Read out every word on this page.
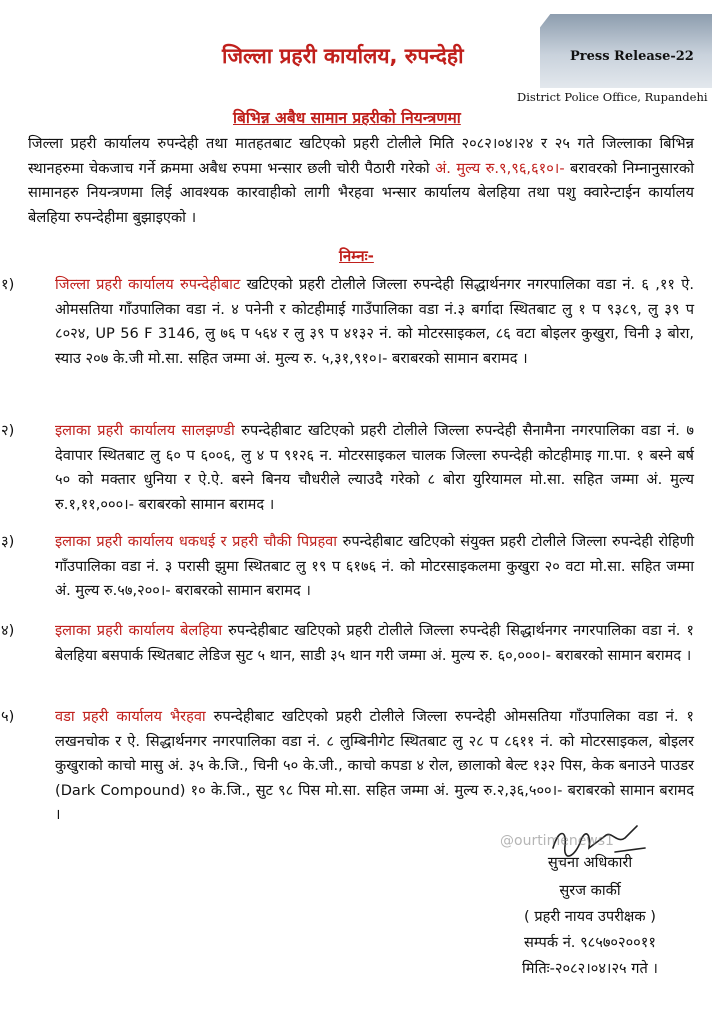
जिल्ला प्रहरी कार्यालय, रुपन्देही	Press Release-22
District Police Office, Rupandehi
बिभिन्न अबैध सामान प्रहरीको नियन्त्रणमा

जिल्ला प्रहरी कार्यालय रुपन्देही तथा मातहतबाट खटिएको प्रहरी टोलीले मिति २०८२।०४।२४ र २५ गते जिल्लाका बिभिन्न स्थानहरुमा चेकजाच गर्ने क्रममा अबैध रुपमा भन्सार छली चोरी पैठारी गरेको अं. मुल्य रु.९,९६,६१०।- बरावरको निम्नानुसारको सामानहरु नियन्त्रणमा लिई आवश्यक कारवाहीको लागी भैरहवा भन्सार कार्यालय बेलहिया तथा पशु क्वारेन्टाईन कार्यालय बेलहिया रुपन्देहीमा बुझाइएको ।

निम्नः-

१)	जिल्ला प्रहरी कार्यालय रुपन्देहीबाट खटिएको प्रहरी टोलीले जिल्ला रुपन्देही सिद्धार्थनगर नगरपालिका वडा नं. ६ ,११ ऐ. ओमसतिया गाँउपालिका वडा नं. ४ पनेनी र कोटहीमाई गाउँपालिका वडा नं.३ बर्गादा स्थितबाट लु १ प ९३८९, लु ३९ प ८०२४, UP 56 F 3146, लु ७६ प ५६४ र लु ३९ प ४१३२ नं. को मोटरसाइकल, ८६ वटा बोइलर कुखुरा, चिनी ३ बोरा, स्याउ २०७ के.जी मो.सा. सहित जम्मा अं. मुल्य रु. ५,३१,९१०।- बराबरको सामान बरामद ।

२)	इलाका प्रहरी कार्यालय सालझण्डी रुपन्देहीबाट खटिएको प्रहरी टोलीले जिल्ला रुपन्देही सैनामैना नगरपालिका वडा नं. ७ देवापार स्थितबाट लु ६० प ६००६, लु ४ प ९१२६ न. मोटरसाइकल चालक जिल्ला रुपन्देही कोटहीमाइ गा.पा. १ बस्ने बर्ष ५० को मक्तार धुनिया र ऐ.ऐ. बस्ने बिनय चौधरीले ल्याउदै गरेको ८ बोरा युरियामल मो.सा. सहित जम्मा अं. मुल्य रु.१,११,०००।- बराबरको सामान बरामद ।

३)	इलाका प्रहरी कार्यालय धकधई र प्रहरी चौकी पिप्रहवा रुपन्देहीबाट खटिएको संयुक्त प्रहरी टोलीले जिल्ला रुपन्देही रोहिणी गाँउपालिका वडा नं. ३ परासी झुमा स्थितबाट लु १९ प ६१७६ नं. को मोटरसाइकलमा कुखुरा २० वटा मो.सा. सहित जम्मा अं. मुल्य रु.५७,२००।- बराबरको सामान बरामद ।

४)	इलाका प्रहरी कार्यालय बेलहिया रुपन्देहीबाट खटिएको प्रहरी टोलीले जिल्ला रुपन्देही सिद्धार्थनगर नगरपालिका वडा नं. १ बेलहिया बसपार्क स्थितबाट लेडिज सुट ५ थान, साडी ३५ थान गरी जम्मा अं. मुल्य रु. ६०,०००।- बराबरको सामान बरामद ।

५)	वडा प्रहरी कार्यालय भैरहवा रुपन्देहीबाट खटिएको प्रहरी टोलीले जिल्ला रुपन्देही ओमसतिया गाँउपालिका वडा नं. १ लखनचोक र ऐ. सिद्धार्थनगर नगरपालिका वडा नं. ८ लुम्बिनीगेट स्थितबाट लु २८ प ८६११ नं. को मोटरसाइकल, बोइलर कुखुराको काचो मासु अं. ३५ के.जि., चिनी ५० के.जी., काचो कपडा ४ रोल, छालाको बेल्ट १३२ पिस, केक बनाउने पाउडर (Dark Compound) १० के.जि., सुट ९८ पिस मो.सा. सहित जम्मा अं. मुल्य रु.२,३६,५००।- बराबरको सामान बरामद ।

@ourtimenews1
सुचना अधिकारी
सुरज कार्की
( प्रहरी नायव उपरीक्षक )
सम्पर्क नं. ९८५७०२००११
मितिः-२०८२।०४।२५ गते ।
